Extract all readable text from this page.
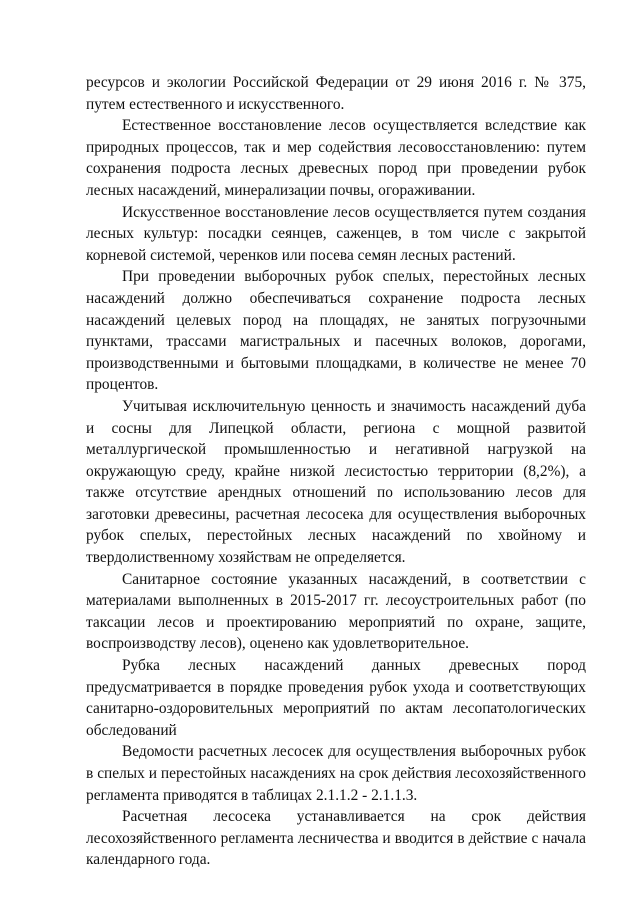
ресурсов и экологии Российской Федерации от 29 июня 2016 г. № 375, путем естественного и искусственного.

Естественное восстановление лесов осуществляется вследствие как природных процессов, так и мер содействия лесовосстановлению: путем сохранения подроста лесных древесных пород при проведении рубок лесных насаждений, минерализации почвы, огораживании.

Искусственное восстановление лесов осуществляется путем создания лесных культур: посадки сеянцев, саженцев, в том числе с закрытой корневой системой, черенков или посева семян лесных растений.

При проведении выборочных рубок спелых, перестойных лесных насаждений должно обеспечиваться сохранение подроста лесных насаждений целевых пород на площадях, не занятых погрузочными пунктами, трассами магистральных и пасечных волоков, дорогами, производственными и бытовыми площадками, в количестве не менее 70 процентов.

Учитывая исключительную ценность и значимость насаждений дуба и сосны для Липецкой области, региона с мощной развитой металлургической промышленностью и негативной нагрузкой на окружающую среду, крайне низкой лесистостью территории (8,2%), а также отсутствие арендных отношений по использованию лесов для заготовки древесины, расчетная лесосека для осуществления выборочных рубок спелых, перестойных лесных насаждений по хвойному и твердолиственному хозяйствам не определяется.

Санитарное состояние указанных насаждений, в соответствии с материалами выполненных в 2015-2017 гг. лесоустроительных работ (по таксации лесов и проектированию мероприятий по охране, защите, воспроизводству лесов), оценено как удовлетворительное.

Рубка лесных насаждений данных древесных пород предусматривается в порядке проведения рубок ухода и соответствующих санитарно-оздоровительных мероприятий по актам лесопатологических обследований

Ведомости расчетных лесосек для осуществления выборочных рубок в спелых и перестойных насаждениях на срок действия лесохозяйственного регламента приводятся в таблицах 2.1.1.2 - 2.1.1.3.

Расчетная лесосека устанавливается на срок действия лесохозяйственного регламента лесничества и вводится в действие с начала календарного года.
